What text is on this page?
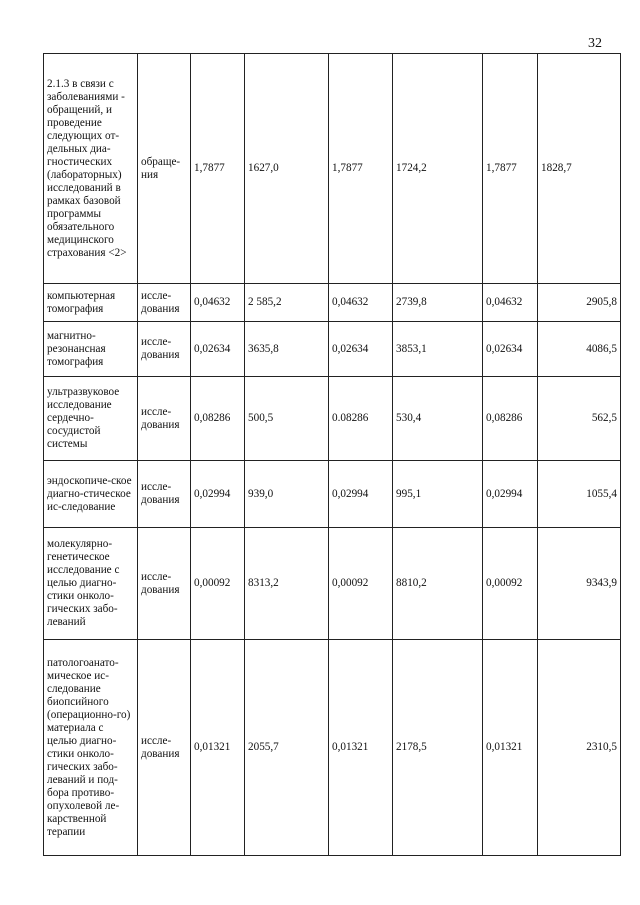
32
2.1.3 в связи с заболеваниями - обращений, и проведение следующих от-дельных диа-гностических (лабораторных) исследований в рамках базовой программы обязательного медицинского страхования <2>	обраще-ния	1,7877	1627,0	1,7877	1724,2	1,7877	1828,7
компьютерная томография	иссле-дования	0,04632	2 585,2	0,04632	2739,8	0,04632	2905,8
магнитно-резонансная томография	иссле-дования	0,02634	3635,8	0,02634	3853,1	0,02634	4086,5
ультразвуковое исследование сердечно-сосудистой системы	иссле-дования	0,08286	500,5	0.08286	530,4	0,08286	562,5
эндоскопиче-ское диагно-стическое ис-следование	иссле-дования	0,02994	939,0	0,02994	995,1	0,02994	1055,4
молекулярно-генетическое исследование с целью диагно-стики онколо-гических забо-леваний	иссле-дования	0,00092	8313,2	0,00092	8810,2	0,00092	9343,9
патологоанато-мическое ис-следование биопсийного (операционно-го) материала с целью диагно-стики онколо-гических забо-леваний и под-бора противо-опухолевой ле-карственной терапии	иссле-дования	0,01321	2055,7	0,01321	2178,5	0,01321	2310,5
